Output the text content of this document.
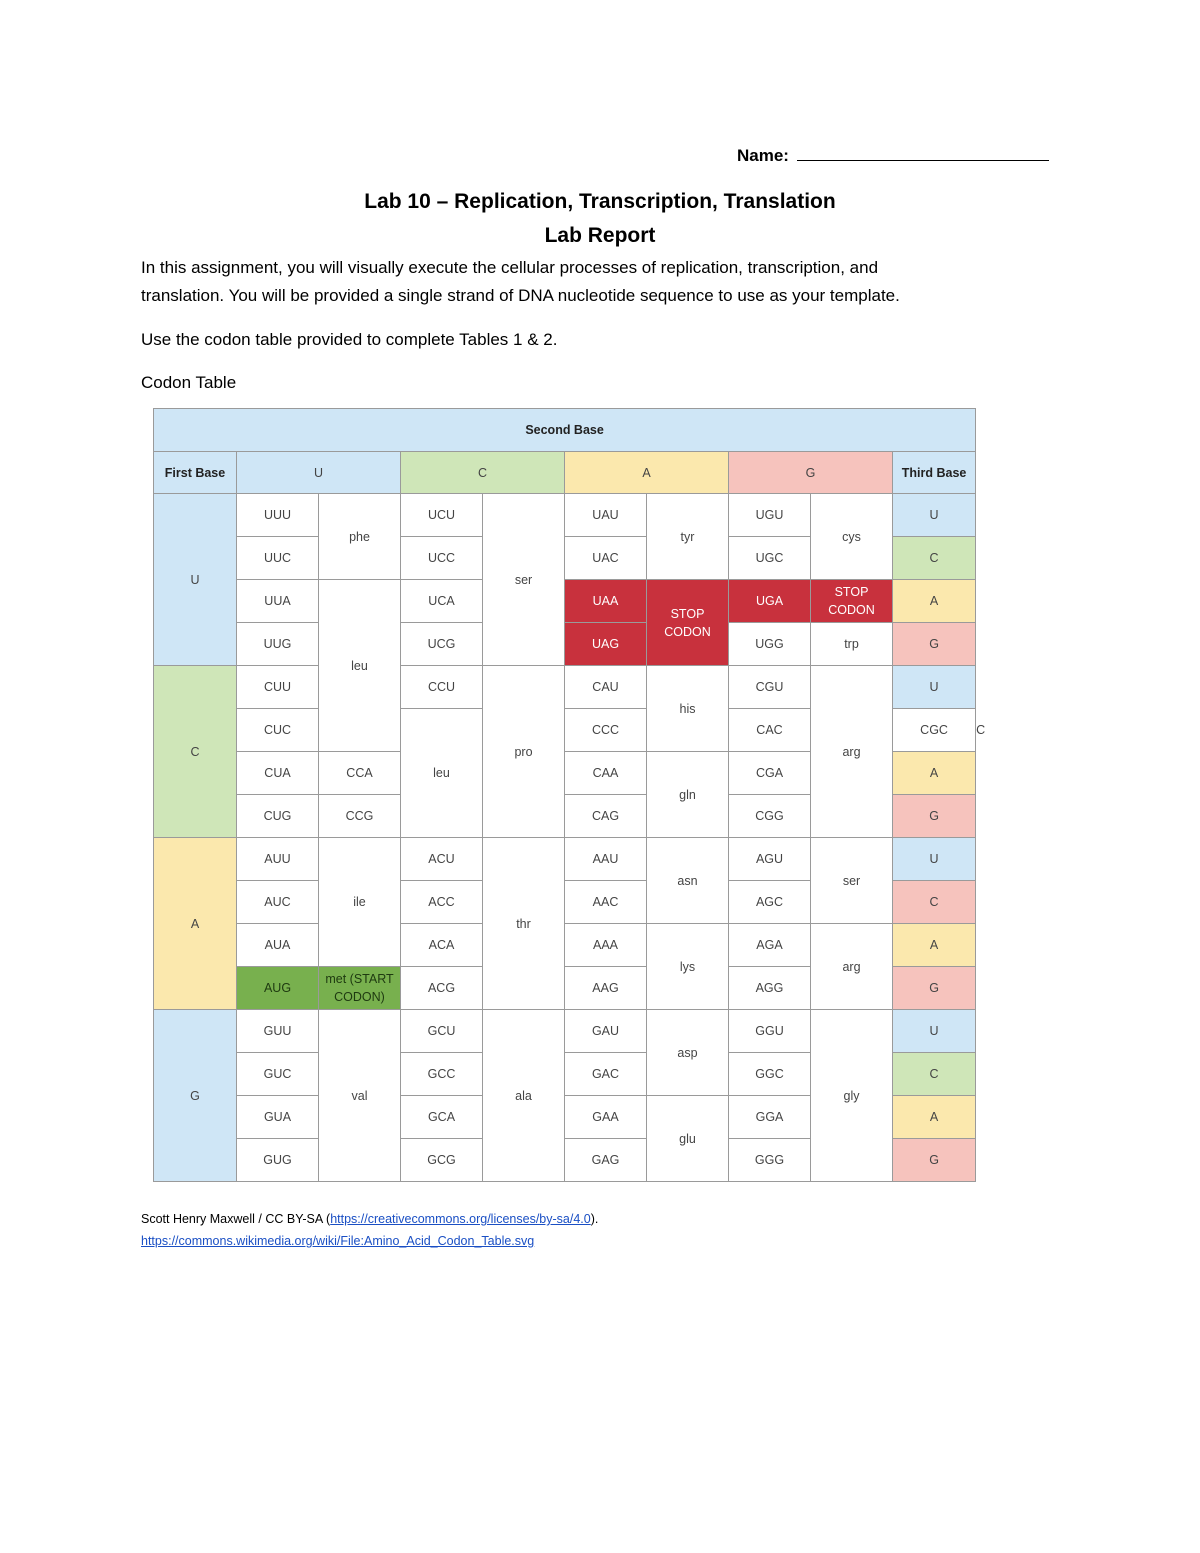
Name:
Lab 10 – Replication, Transcription, Translation
Lab Report
In this assignment, you will visually execute the cellular processes of replication, transcription, and
translation. You will be provided a single strand of DNA nucleotide sequence to use as your template.
Use the codon table provided to complete Tables 1 & 2.
Codon Table
Second Base										
First Base	U		C		A		G		Third Base	
U	UUU	phe	UCU	ser	UAU	tyr	UGU	cys	U	
	UUC		UCC		UAC		UGC		C	
	UUA	leu	UCA		UAA	STOP CODON	UGA	STOP CODON	A	
	UUG		UCG		UAG		UGG	trp	G	
C	CUU		CCU	pro	CAU	his	CGU	arg	U	
	CUC		leu		CCC		CAC		CGC	C
	CUA	CCA			CAA	gln	CGA		A	
	CUG	CCG			CAG		CGG		G	
A	AUU	ile	ACU	thr	AAU	asn	AGU	ser	U	
	AUC		ACC		AAC		AGC		C	
	AUA		ACA		AAA	lys	AGA	arg	A	
	AUG	met (START CODON)	ACG		AAG		AGG		G	
G	GUU	val	GCU	ala	GAU	asp	GGU	gly	U	
	GUC		GCC		GAC		GGC		C	
	GUA		GCA		GAA	glu	GGA		A	
	GUG		GCG		GAG		GGG		G	
Scott Henry Maxwell / CC BY-SA (https://creativecommons.org/licenses/by-sa/4.0).
https://commons.wikimedia.org/wiki/File:Amino_Acid_Codon_Table.svg
